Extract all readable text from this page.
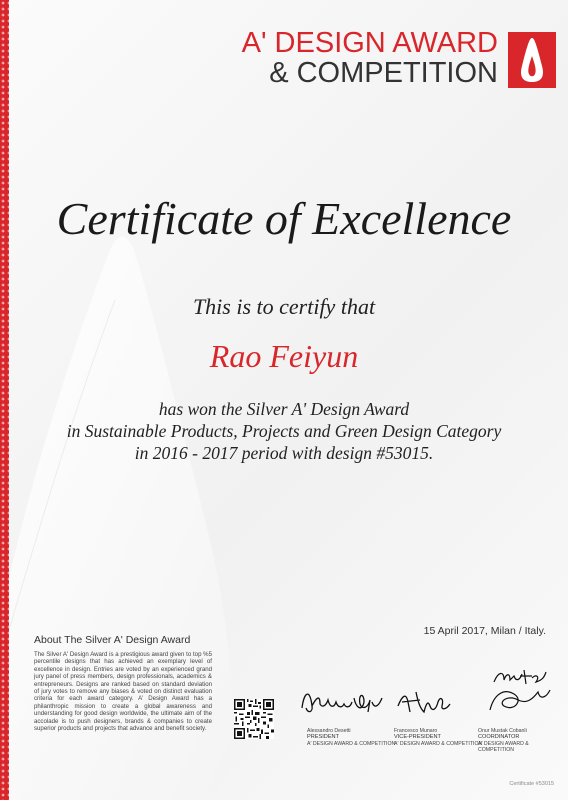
A' DESIGN AWARD
& COMPETITION
Certificate of Excellence
This is to certify that
Rao Feiyun
has won the Silver A' Design Award
in Sustainable Products, Projects and Green Design Category
in 2016 - 2017 period with design #53015.
15 April 2017, Milan / Italy.
About The Silver A' Design Award
The Silver A' Design Award is a prestigious award given to top %5 percentile designs that has achieved an exemplary level of excellence in design. Entries are voted by an experienced grand jury panel of press members, design professionals, academics & entrepreneurs. Designs are ranked based on standard deviation of jury votes to remove any biases & voted on distinct evaluation criteria for each award category. A' Design Award has a philanthropic mission to create a global awareness and understanding for good design worldwide, the ultimate aim of the accolade is to push designers, brands & companies to create superior products and projects that advance and benefit society.	Alessandro Desetti
PRESIDENT
A' DESIGN AWARD & COMPETITION
Francesco Munaro
VICE-PRESIDENT
A' DESIGN AWARD & COMPETITION
Onur Mustak Cobanli
COORDINATOR
A' DESIGN AWARD & COMPETITION
Certificate #53015
